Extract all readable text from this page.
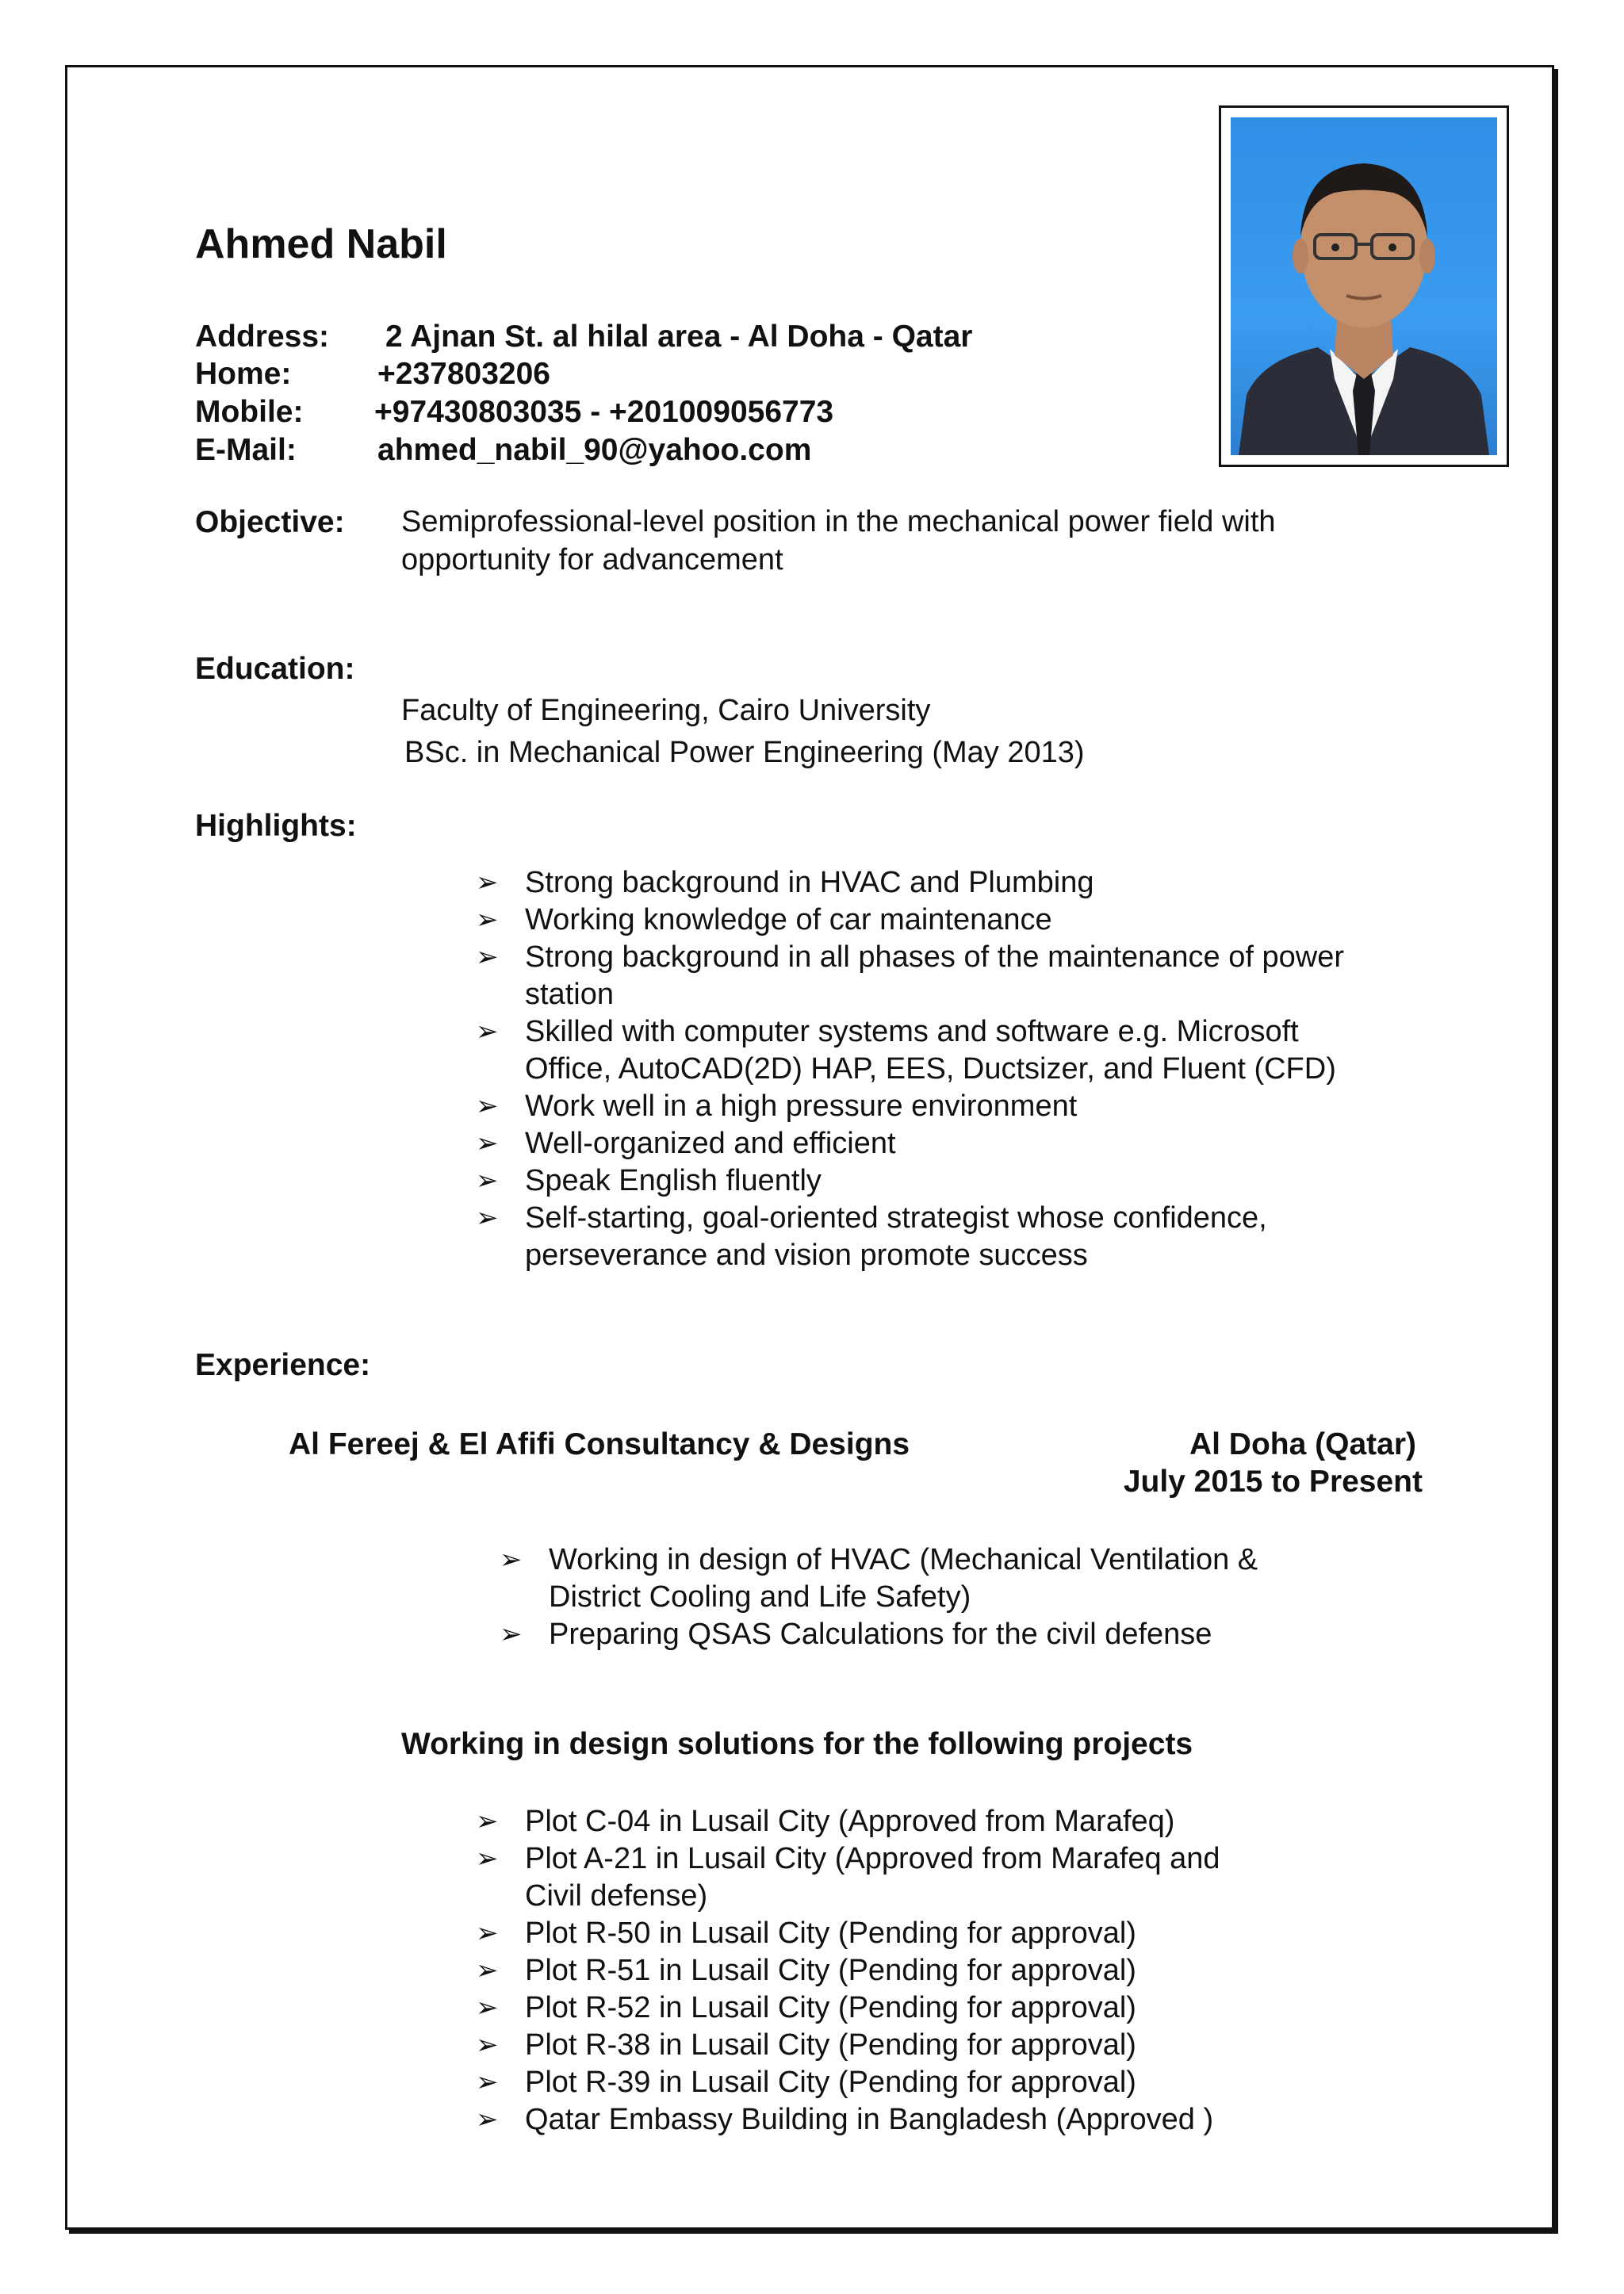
Ahmed Nabil
Address: 2 Ajnan St. al hilal area - Al Doha - Qatar
Home:	+237803206
Mobile: +97430803035 - +201009056773
E-Mail:	ahmed_nabil_90@yahoo.com
Objective: Semiprofessional-level position in the mechanical power field with
opportunity for advancement
Education:
Faculty of Engineering, Cairo University
BSc. in Mechanical Power Engineering (May 2013)
Highlights:
➢ Strong background in HVAC and Plumbing
➢ Working knowledge of car maintenance
➢ Strong background in all phases of the maintenance of power
station
➢ Skilled with computer systems and software e.g. Microsoft
Office, AutoCAD(2D) HAP, EES, Ductsizer, and Fluent (CFD)
➢ Work well in a high pressure environment
➢ Well-organized and efficient
➢ Speak English fluently
➢ Self-starting, goal-oriented strategist whose confidence,
perseverance and vision promote success
Experience:
Al Fereej & El Afifi Consultancy & Designs	Al Doha (Qatar)
July 2015 to Present
➢ Working in design of HVAC (Mechanical Ventilation &
District Cooling and Life Safety)
➢ Preparing QSAS Calculations for the civil defense
Working in design solutions for the following projects
➢ Plot C-04 in Lusail City (Approved from Marafeq)
➢ Plot A-21 in Lusail City (Approved from Marafeq and
Civil defense)
➢ Plot R-50 in Lusail City (Pending for approval)
➢ Plot R-51 in Lusail City (Pending for approval)
➢ Plot R-52 in Lusail City (Pending for approval)
➢ Plot R-38 in Lusail City (Pending for approval)
➢ Plot R-39 in Lusail City (Pending for approval)
➢ Qatar Embassy Building in Bangladesh (Approved )
